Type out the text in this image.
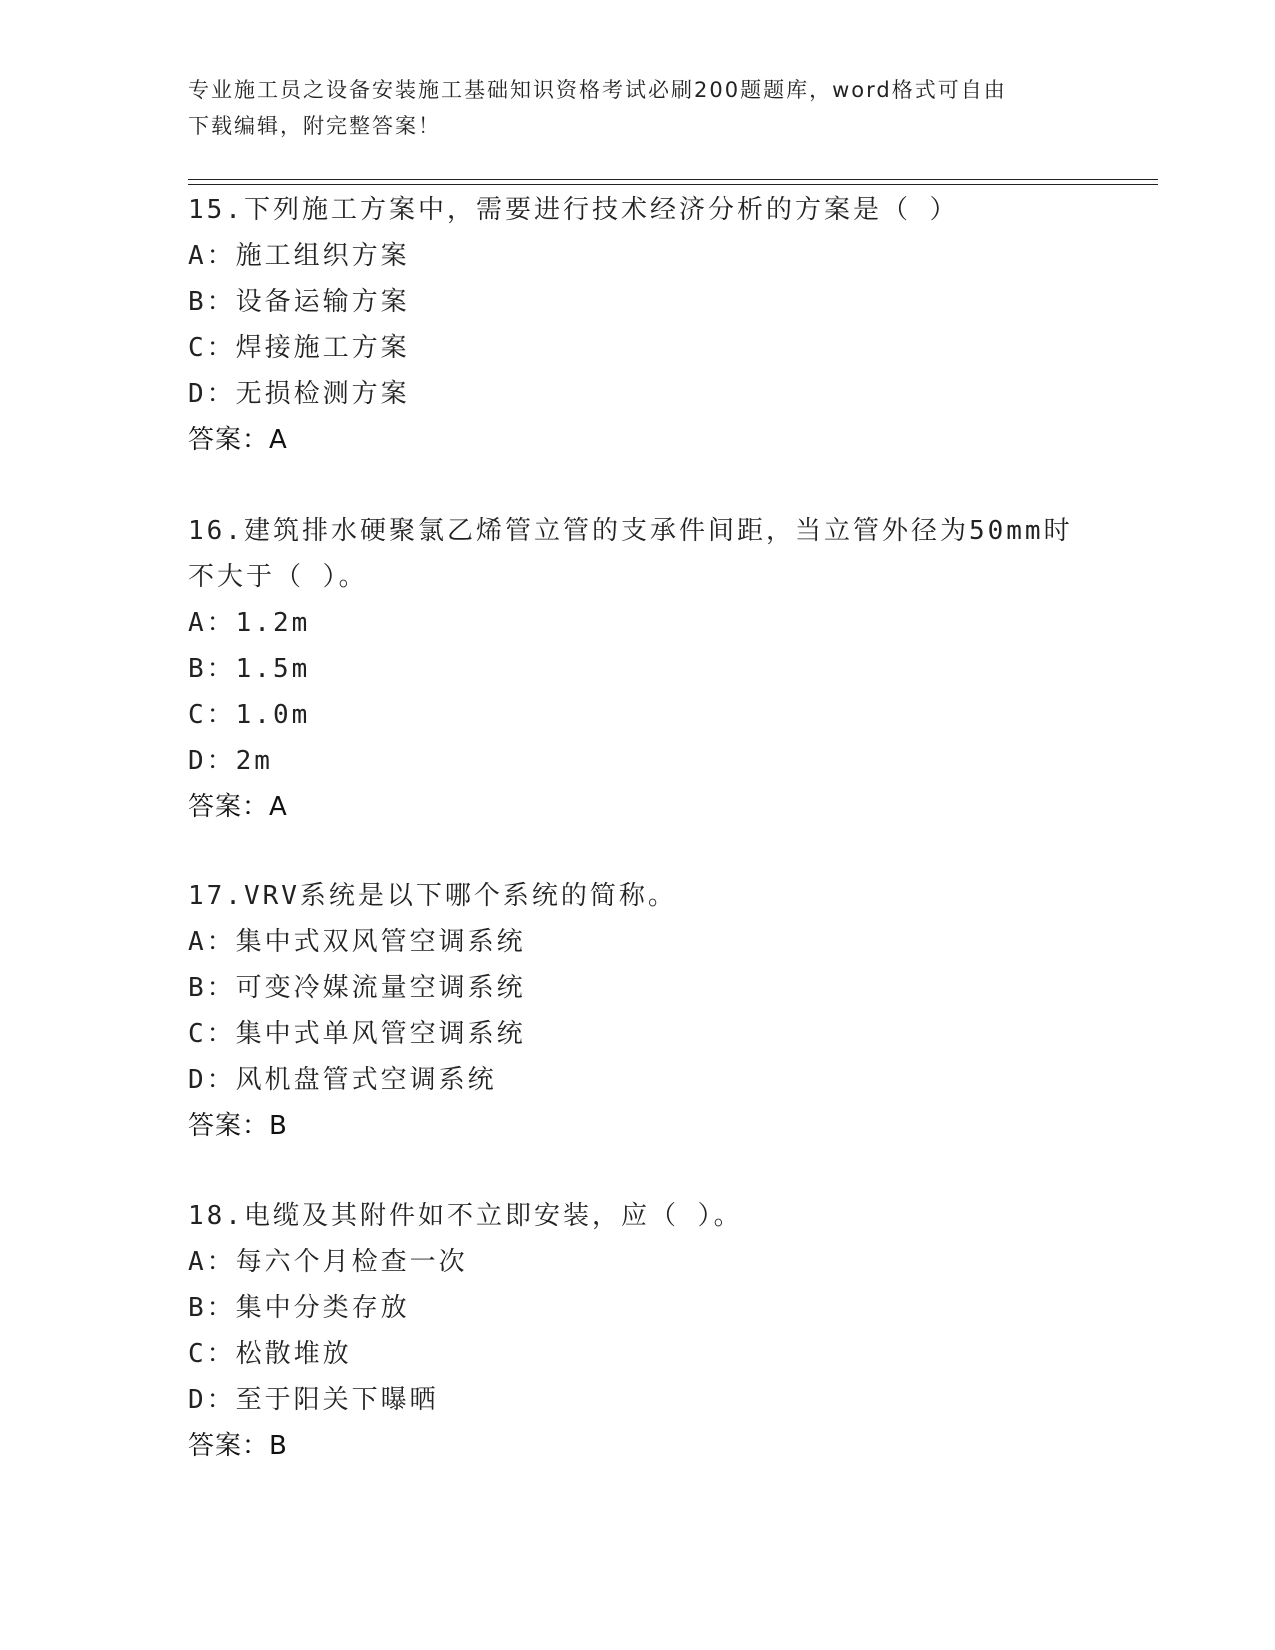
专业施工员之设备安装施工基础知识资格考试必刷200题题库，word格式可自由
下载编辑，附完整答案！

15.下列施工方案中，需要进行技术经济分析的方案是（ ）

A：施工组织方案

B：设备运输方案

C：焊接施工方案

D：无损检测方案

答案：A

16.建筑排水硬聚氯乙烯管立管的支承件间距，当立管外径为50mm时

不大于（ ）。

A：1.2m

B：1.5m

C：1.0m

D：2m

答案：A

17.VRV系统是以下哪个系统的简称。

A：集中式双风管空调系统

B：可变冷媒流量空调系统

C：集中式单风管空调系统

D：风机盘管式空调系统

答案：B

18.电缆及其附件如不立即安装，应（ ）。

A：每六个月检查一次

B：集中分类存放

C：松散堆放

D：至于阳关下曝晒

答案：B
